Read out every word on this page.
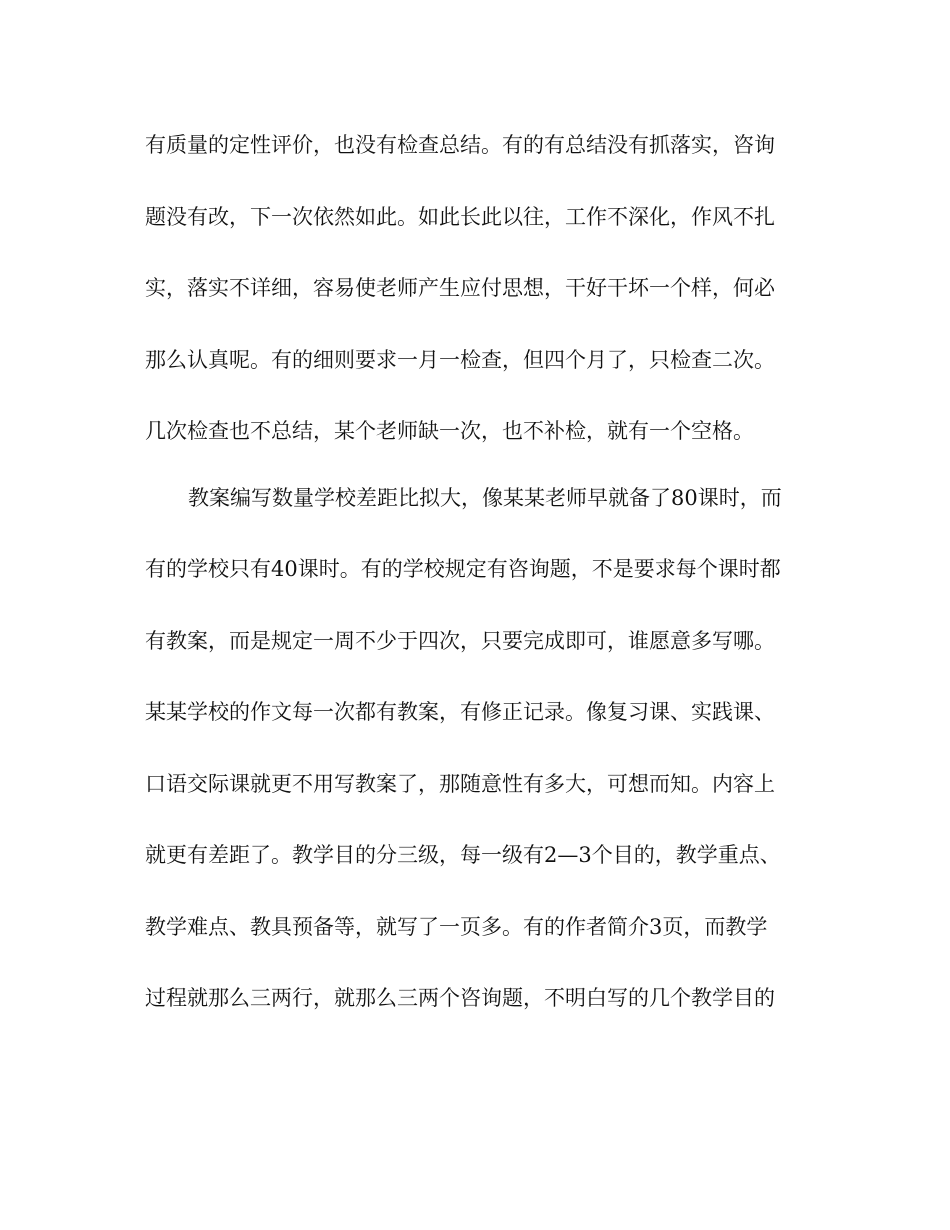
有质量的定性评价，也没有检查总结。有的有总结没有抓落实，咨询
题没有改，下一次依然如此。如此长此以往，工作不深化，作风不扎
实，落实不详细，容易使老师产生应付思想，干好干坏一个样，何必
那么认真呢。有的细则要求一月一检查，但四个月了，只检查二次。
几次检查也不总结，某个老师缺一次，也不补检，就有一个空格。
教案编写数量学校差距比拟大，像某某老师早就备了80课时，而
有的学校只有40课时。有的学校规定有咨询题，不是要求每个课时都
有教案，而是规定一周不少于四次，只要完成即可，谁愿意多写哪。
某某学校的作文每一次都有教案，有修正记录。像复习课、实践课、
口语交际课就更不用写教案了，那随意性有多大，可想而知。内容上
就更有差距了。教学目的分三级，每一级有2—3个目的，教学重点、
教学难点、教具预备等，就写了一页多。有的作者简介3页，而教学
过程就那么三两行，就那么三两个咨询题，不明白写的几个教学目的
